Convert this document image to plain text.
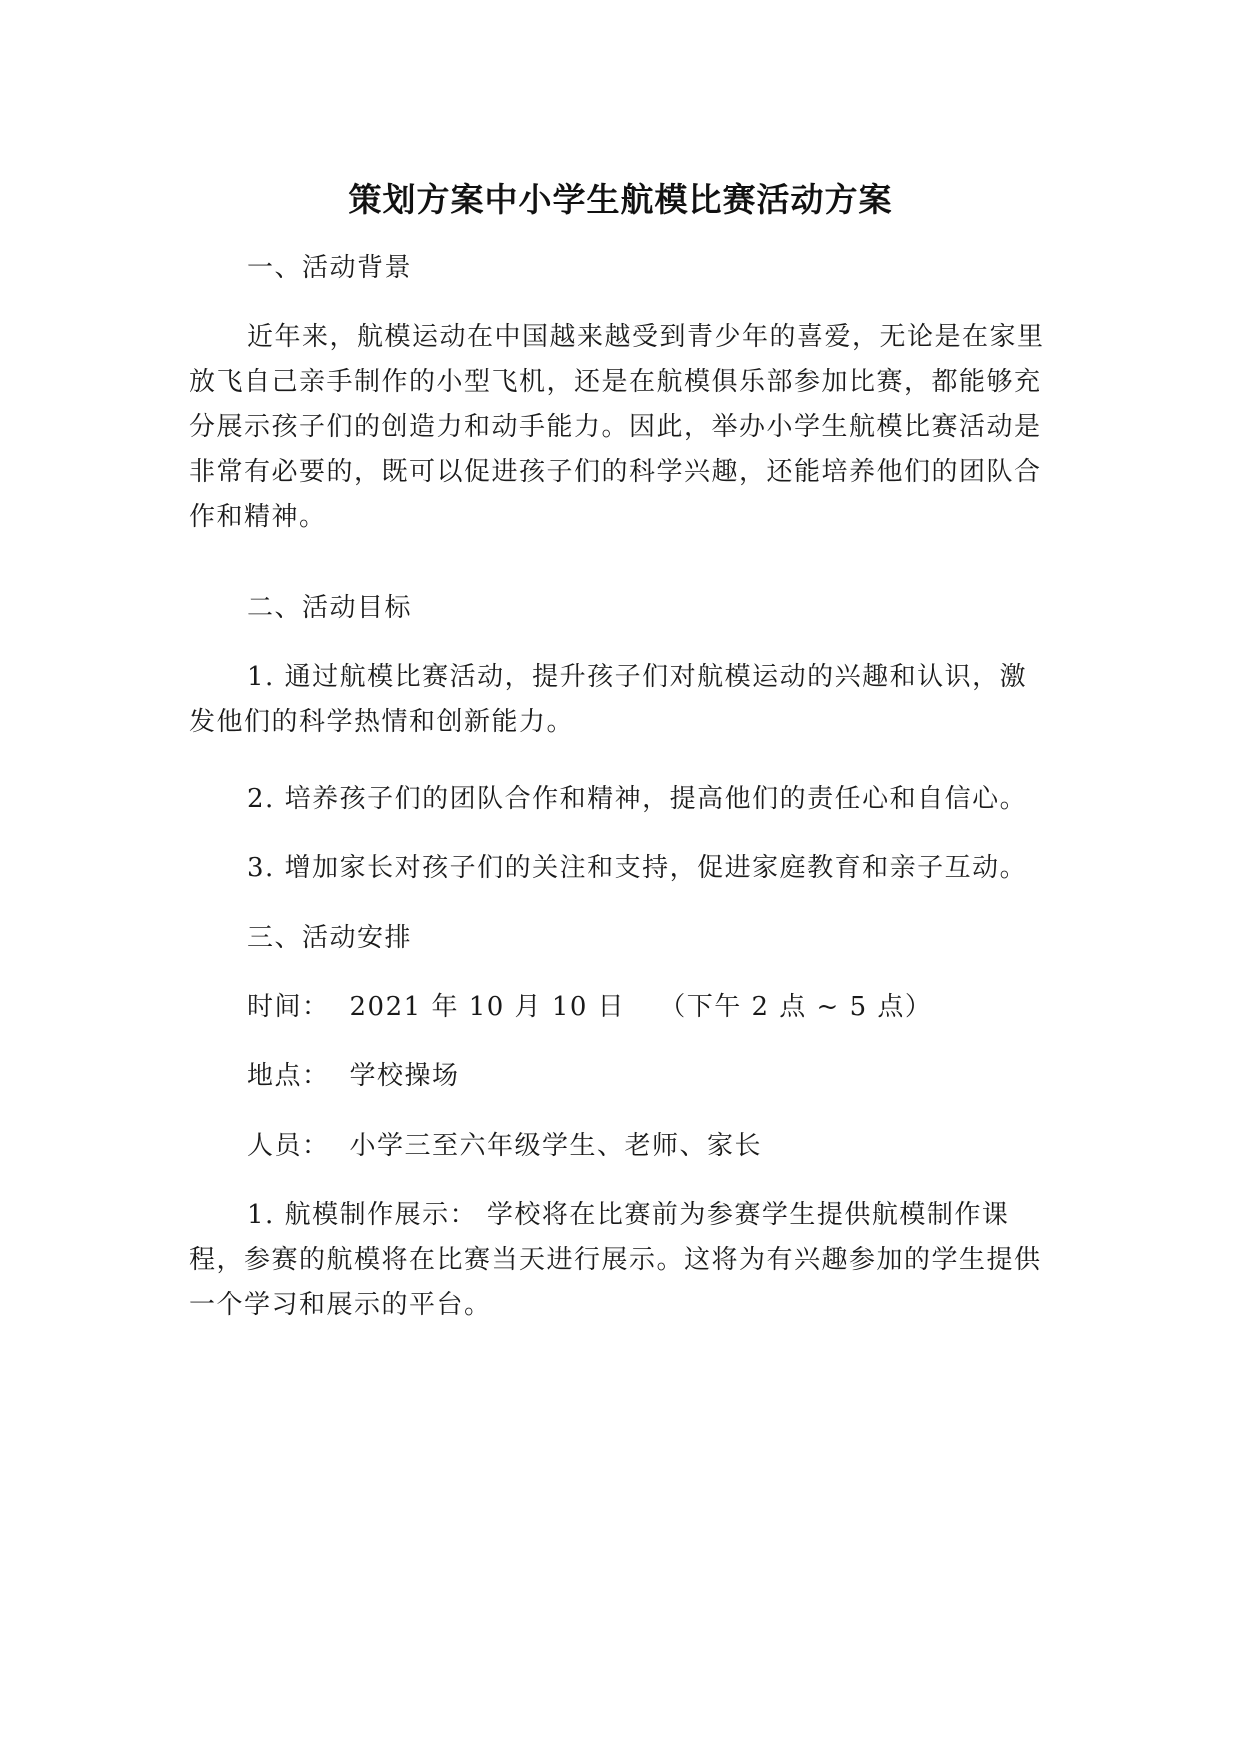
策划方案中小学生航模比赛活动方案

一、活动背景

近年来，航模运动在中国越来越受到青少年的喜爱，无论是在家里放飞自己亲手制作的小型飞机，还是在航模俱乐部参加比赛，都能够充分展示孩子们的创造力和动手能力。因此，举办小学生航模比赛活动是非常有必要的，既可以促进孩子们的科学兴趣，还能培养他们的团队合作和精神。

二、活动目标

1. 通过航模比赛活动，提升孩子们对航模运动的兴趣和认识，激发他们的科学热情和创新能力。

2. 培养孩子们的团队合作和精神，提高他们的责任心和自信心。

3. 增加家长对孩子们的关注和支持，促进家庭教育和亲子互动。

三、活动安排

时间： 2021 年 10 月 10 日 （下午 2 点 ~ 5 点）

地点： 学校操场

人员： 小学三至六年级学生、老师、家长

1. 航模制作展示： 学校将在比赛前为参赛学生提供航模制作课程，参赛的航模将在比赛当天进行展示。这将为有兴趣参加的学生提供一个学习和展示的平台。
